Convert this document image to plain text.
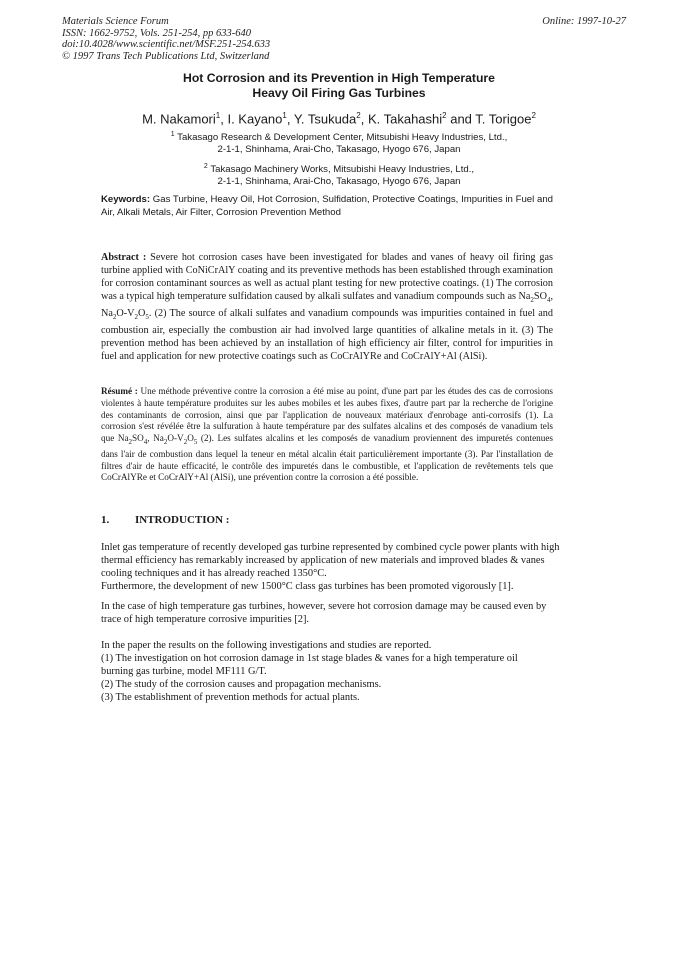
Materials Science Forum
ISSN: 1662-9752, Vols. 251-254, pp 633-640
doi:10.4028/www.scientific.net/MSF.251-254.633
© 1997 Trans Tech Publications Ltd, Switzerland
Online: 1997-10-27
Hot Corrosion and its Prevention in High Temperature
Heavy Oil Firing Gas Turbines
M. Nakamori$^1$, I. Kayano$^1$, Y. Tsukuda$^2$, K. Takahashi$^2$ and T. Torigoe$^2$
$^1$ Takasago Research & Development Center, Mitsubishi Heavy Industries, Ltd.,
2-1-1, Shinhama, Arai-Cho, Takasago, Hyogo 676, Japan
$^2$ Takasago Machinery Works, Mitsubishi Heavy Industries, Ltd.,
2-1-1, Shinhama, Arai-Cho, Takasago, Hyogo 676, Japan
Keywords: Gas Turbine, Heavy Oil, Hot Corrosion, Sulfidation, Protective Coatings, Impurities in Fuel and Air, Alkali Metals, Air Filter, Corrosion Prevention Method
Abstract : Severe hot corrosion cases have been investigated for blades and vanes of heavy oil firing gas turbine applied with CoNiCrAlY coating and its preventive methods has been established through examination for corrosion contaminant sources as well as actual plant testing for new protective coatings. (1) The corrosion was a typical high temperature sulfidation caused by alkali sulfates and vanadium compounds such as $Na_2SO_4$, $Na_2O-V_2O_5$. (2) The source of alkali sulfates and vanadium compounds was impurities contained in fuel and combustion air, especially the combustion air had involved large quantities of alkaline metals in it. (3) The prevention method has been achieved by an installation of high efficiency air filter, control for impurities in fuel and application for new protective coatings such as CoCrAlYRe and CoCrAlY+Al (AlSi).
Résumé : Une méthode préventive contre la corrosion a été mise au point, d'une part par les études des cas de corrosions violentes à haute température produites sur les aubes mobiles et les aubes fixes, d'autre part par la recherche de l'origine des contaminants de corrosion, ainsi que par l'application de nouveaux matériaux d'enrobage anti-corrosifs (1). La corrosion s'est révélée être la sulfuration à haute température par des sulfates alcalins et des composés de vanadium tels que $Na_2SO_4$, $Na_2O-V_2O_5$ (2). Les sulfates alcalins et les composés de vanadium proviennent des impuretés contenues dans l'air de combustion dans lequel la teneur en métal alcalin était particulièrement importante (3). Par l'installation de filtres d'air de haute efficacité, le contrôle des impuretés dans le combustible, et l'application de revêtements tels que CoCrAlYRe et CoCrAlY+Al (AlSi), une prévention contre la corrosion a été possible.
1. INTRODUCTION :
Inlet gas temperature of recently developed gas turbine represented by combined cycle power plants with high thermal efficiency has remarkably increased by application of new materials and improved blades & vanes cooling techniques and it has already reached 1350°C.
Furthermore, the development of new 1500°C class gas turbines has been promoted vigorously [1].
In the case of high temperature gas turbines, however, severe hot corrosion damage may be caused even by trace of high temperature corrosive impurities [2].
In the paper the results on the following investigations and studies are reported.
(1) The investigation on hot corrosion damage in 1st stage blades & vanes for a high temperature oil
burning gas turbine, model MF111 G/T.
(2) The study of the corrosion causes and propagation mechanisms.
(3) The establishment of prevention methods for actual plants.
